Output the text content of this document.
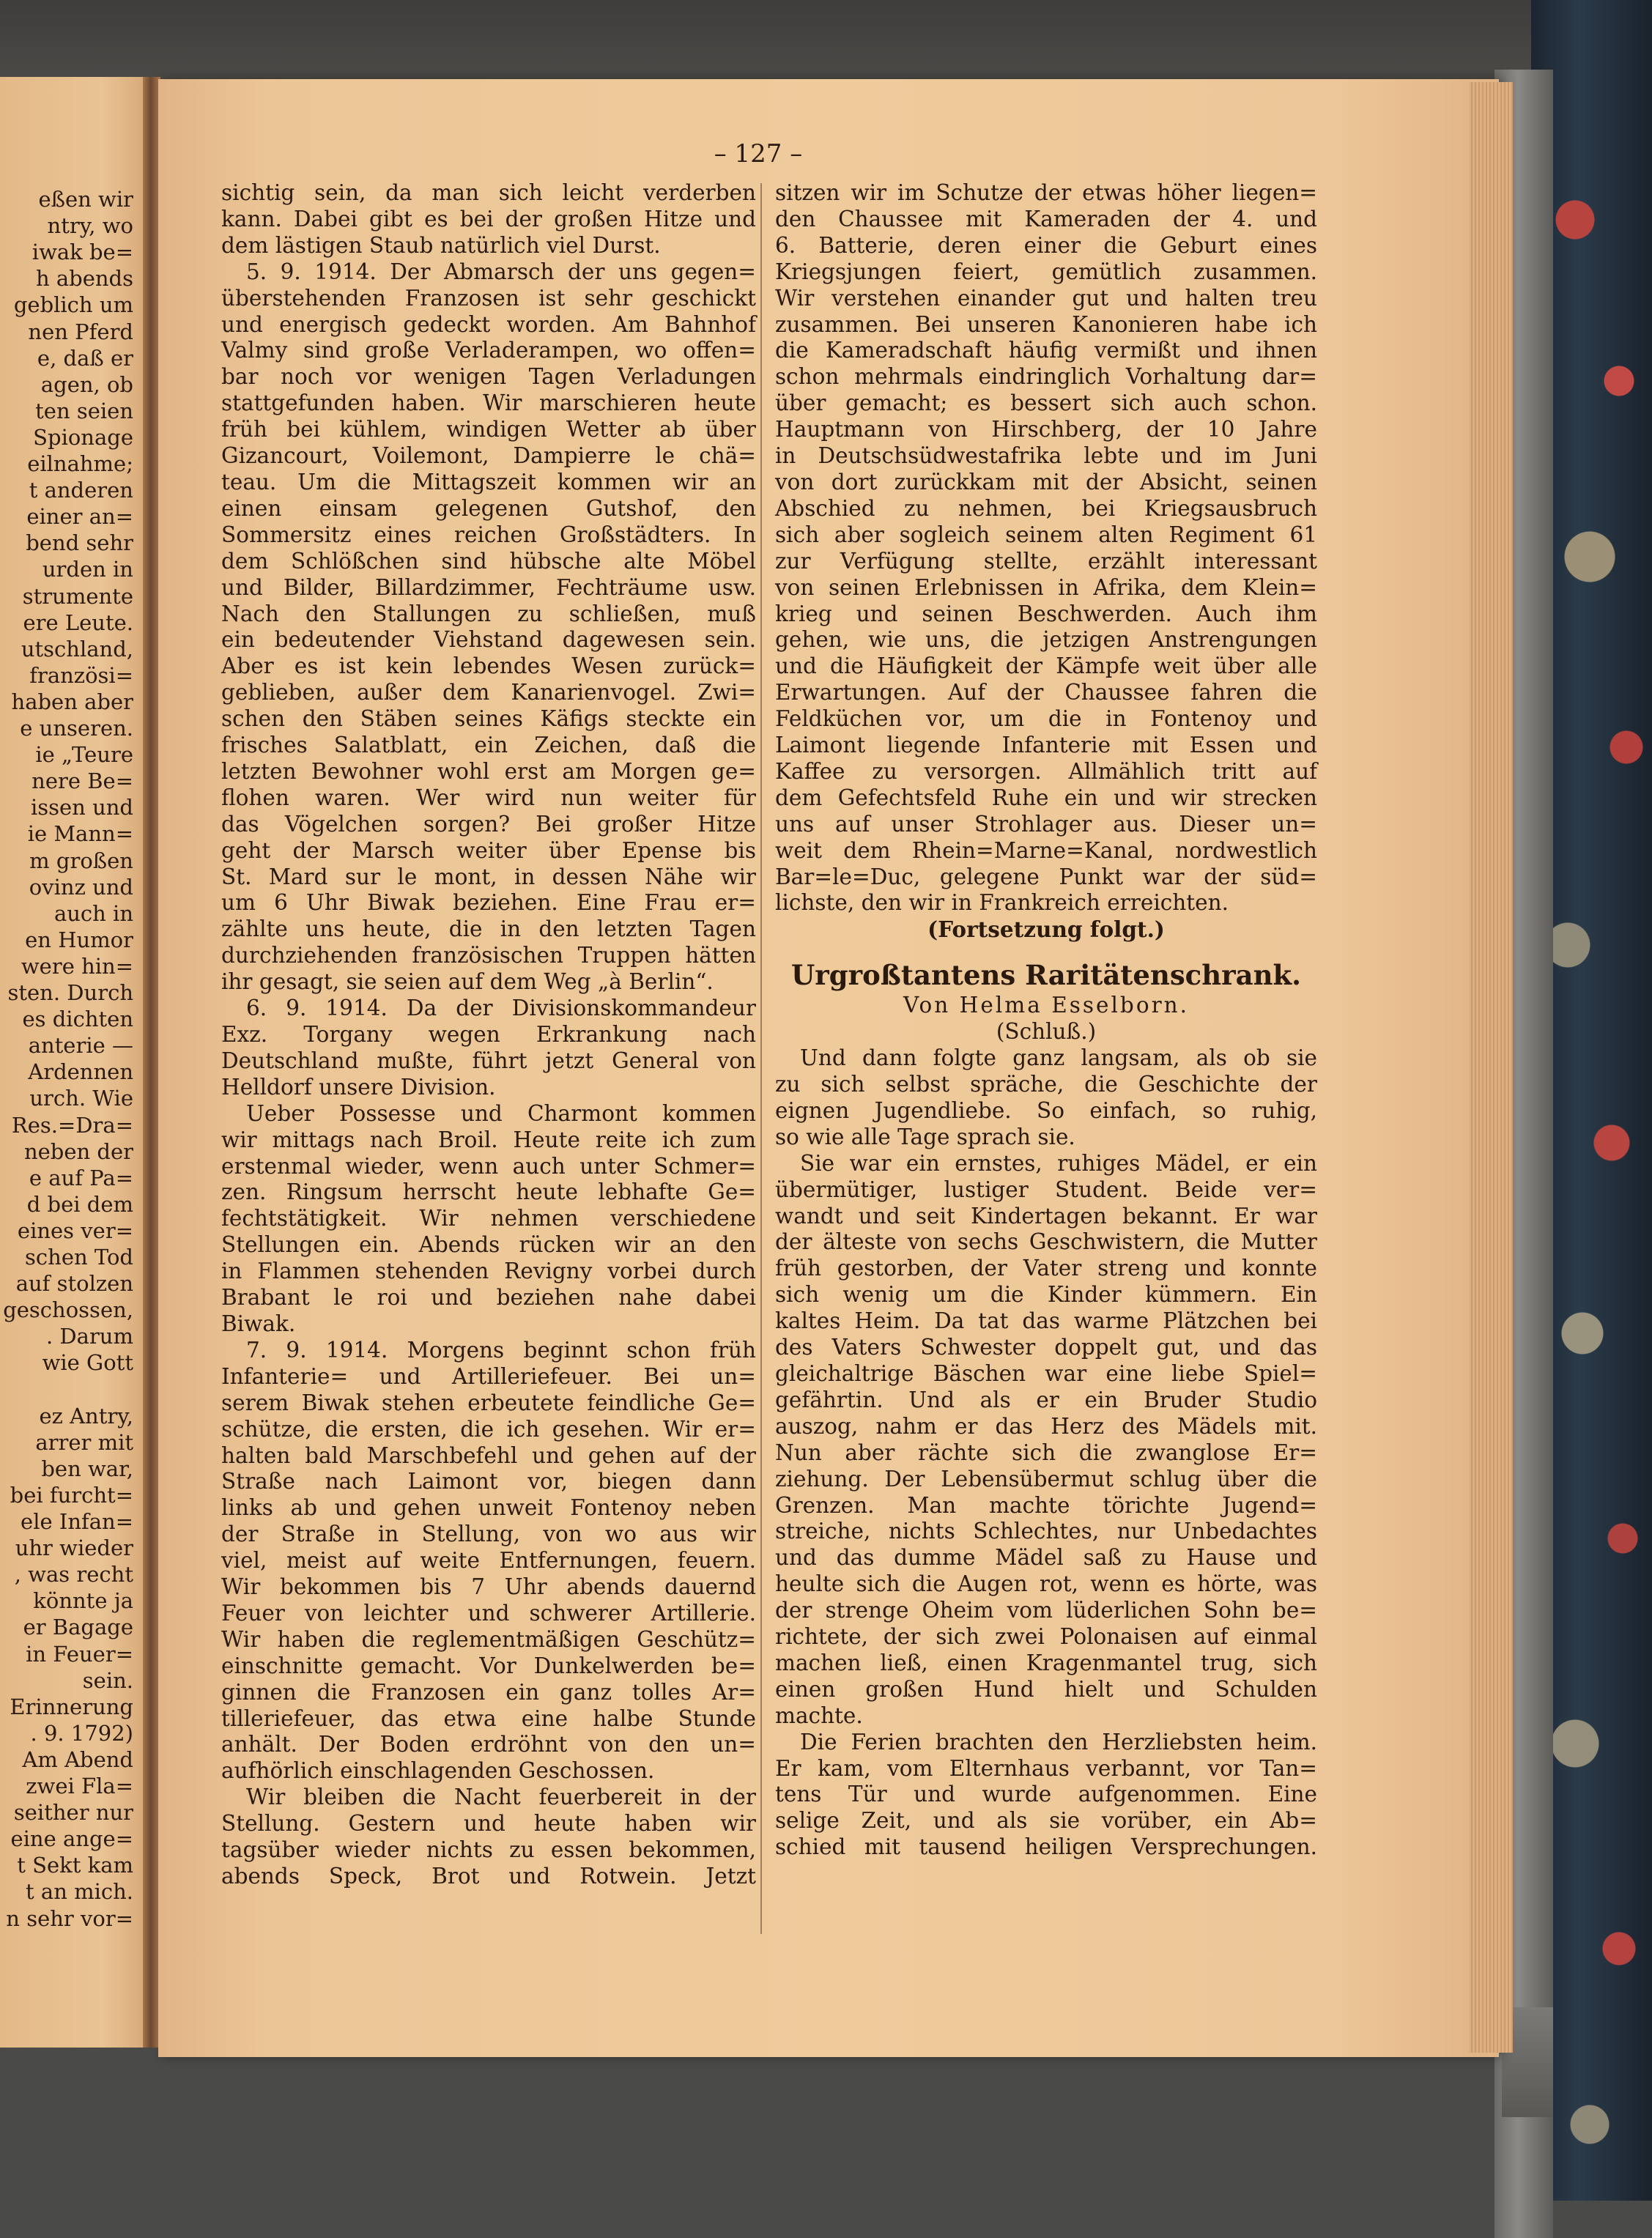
eßen wir
ntry, wo
iwak be=
h abends
geblich um
nen Pferd
e, daß er
agen, ob
ten seien
Spionage
eilnahme;
t anderen
einer an=
bend sehr
urden in
strumente
ere Leute.
utschland,
französi=
haben aber
e unseren.
ie „Teure
nere Be=
issen und
ie Mann=
m großen
ovinz und
auch in
en Humor
were hin=
sten. Durch
es dichten
anterie —
Ardennen
urch. Wie
Res.=Dra=
neben der
e auf Pa=
d bei dem
eines ver=
schen Tod
auf stolzen
geschossen,
. Darum
wie Gott
ez Antry,
arrer mit
ben war,
bei furcht=
ele Infan=
uhr wieder
, was recht
könnte ja
er Bagage
in Feuer=
sein.
Erinnerung
. 9. 1792)
Am Abend
zwei Fla=
seither nur
eine ange=
t Sekt kam
t an mich.
n sehr vor=
– 127 –
sichtig sein, da man sich leicht verderben
kann. Dabei gibt es bei der großen Hitze und
dem lästigen Staub natürlich viel Durst.
5. 9. 1914. Der Abmarsch der uns gegen=
überstehenden Franzosen ist sehr geschickt
und energisch gedeckt worden. Am Bahnhof
Valmy sind große Verladerampen, wo offen=
bar noch vor wenigen Tagen Verladungen
stattgefunden haben. Wir marschieren heute
früh bei kühlem, windigen Wetter ab über
Gizancourt, Voilemont, Dampierre le chä=
teau. Um die Mittagszeit kommen wir an
einen einsam gelegenen Gutshof, den
Sommersitz eines reichen Großstädters. In
dem Schlößchen sind hübsche alte Möbel
und Bilder, Billardzimmer, Fechträume usw.
Nach den Stallungen zu schließen, muß
ein bedeutender Viehstand dagewesen sein.
Aber es ist kein lebendes Wesen zurück=
geblieben, außer dem Kanarienvogel. Zwi=
schen den Stäben seines Käfigs steckte ein
frisches Salatblatt, ein Zeichen, daß die
letzten Bewohner wohl erst am Morgen ge=
flohen waren. Wer wird nun weiter für
das Vögelchen sorgen? Bei großer Hitze
geht der Marsch weiter über Epense bis
St. Mard sur le mont, in dessen Nähe wir
um 6 Uhr Biwak beziehen. Eine Frau er=
zählte uns heute, die in den letzten Tagen
durchziehenden französischen Truppen hätten
ihr gesagt, sie seien auf dem Weg „à Berlin“.
6. 9. 1914. Da der Divisionskommandeur
Exz. Torgany wegen Erkrankung nach
Deutschland mußte, führt jetzt General von
Helldorf unsere Division.
Ueber Possesse und Charmont kommen
wir mittags nach Broil. Heute reite ich zum
erstenmal wieder, wenn auch unter Schmer=
zen. Ringsum herrscht heute lebhafte Ge=
fechtstätigkeit. Wir nehmen verschiedene
Stellungen ein. Abends rücken wir an den
in Flammen stehenden Revigny vorbei durch
Brabant le roi und beziehen nahe dabei
Biwak.
7. 9. 1914. Morgens beginnt schon früh
Infanterie= und Artilleriefeuer. Bei un=
serem Biwak stehen erbeutete feindliche Ge=
schütze, die ersten, die ich gesehen. Wir er=
halten bald Marschbefehl und gehen auf der
Straße nach Laimont vor, biegen dann
links ab und gehen unweit Fontenoy neben
der Straße in Stellung, von wo aus wir
viel, meist auf weite Entfernungen, feuern.
Wir bekommen bis 7 Uhr abends dauernd
Feuer von leichter und schwerer Artillerie.
Wir haben die reglementmäßigen Geschütz=
einschnitte gemacht. Vor Dunkelwerden be=
ginnen die Franzosen ein ganz tolles Ar=
tilleriefeuer, das etwa eine halbe Stunde
anhält. Der Boden erdröhnt von den un=
aufhörlich einschlagenden Geschossen.
Wir bleiben die Nacht feuerbereit in der
Stellung. Gestern und heute haben wir
tagsüber wieder nichts zu essen bekommen,
abends Speck, Brot und Rotwein. Jetzt
sitzen wir im Schutze der etwas höher liegen=
den Chaussee mit Kameraden der 4. und
6. Batterie, deren einer die Geburt eines
Kriegsjungen feiert, gemütlich zusammen.
Wir verstehen einander gut und halten treu
zusammen. Bei unseren Kanonieren habe ich
die Kameradschaft häufig vermißt und ihnen
schon mehrmals eindringlich Vorhaltung dar=
über gemacht; es bessert sich auch schon.
Hauptmann von Hirschberg, der 10 Jahre
in Deutschsüdwestafrika lebte und im Juni
von dort zurückkam mit der Absicht, seinen
Abschied zu nehmen, bei Kriegsausbruch
sich aber sogleich seinem alten Regiment 61
zur Verfügung stellte, erzählt interessant
von seinen Erlebnissen in Afrika, dem Klein=
krieg und seinen Beschwerden. Auch ihm
gehen, wie uns, die jetzigen Anstrengungen
und die Häufigkeit der Kämpfe weit über alle
Erwartungen. Auf der Chaussee fahren die
Feldküchen vor, um die in Fontenoy und
Laimont liegende Infanterie mit Essen und
Kaffee zu versorgen. Allmählich tritt auf
dem Gefechtsfeld Ruhe ein und wir strecken
uns auf unser Strohlager aus. Dieser un=
weit dem Rhein=Marne=Kanal, nordwestlich
Bar=le=Duc, gelegene Punkt war der süd=
lichste, den wir in Frankreich erreichten.
(Fortsetzung folgt.)
Urgroßtantens Raritätenschrank.
Von Helma Esselborn.
(Schluß.)
Und dann folgte ganz langsam, als ob sie
zu sich selbst spräche, die Geschichte der
eignen Jugendliebe. So einfach, so ruhig,
so wie alle Tage sprach sie.
Sie war ein ernstes, ruhiges Mädel, er ein
übermütiger, lustiger Student. Beide ver=
wandt und seit Kindertagen bekannt. Er war
der älteste von sechs Geschwistern, die Mutter
früh gestorben, der Vater streng und konnte
sich wenig um die Kinder kümmern. Ein
kaltes Heim. Da tat das warme Plätzchen bei
des Vaters Schwester doppelt gut, und das
gleichaltrige Bäschen war eine liebe Spiel=
gefährtin. Und als er ein Bruder Studio
auszog, nahm er das Herz des Mädels mit.
Nun aber rächte sich die zwanglose Er=
ziehung. Der Lebensübermut schlug über die
Grenzen. Man machte törichte Jugend=
streiche, nichts Schlechtes, nur Unbedachtes
und das dumme Mädel saß zu Hause und
heulte sich die Augen rot, wenn es hörte, was
der strenge Oheim vom lüderlichen Sohn be=
richtete, der sich zwei Polonaisen auf einmal
machen ließ, einen Kragenmantel trug, sich
einen großen Hund hielt und Schulden
machte.
Die Ferien brachten den Herzliebsten heim.
Er kam, vom Elternhaus verbannt, vor Tan=
tens Tür und wurde aufgenommen. Eine
selige Zeit, und als sie vorüber, ein Ab=
schied mit tausend heiligen Versprechungen.
